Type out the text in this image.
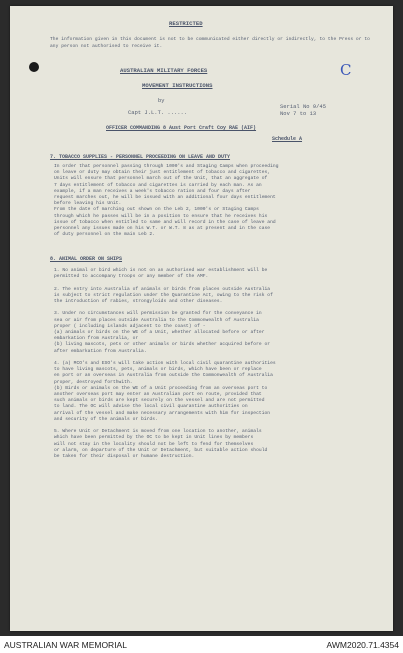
RESTRICTED
The information given in this document is not to be communicated either directly or indirectly, to the Press or to any person not authorised to receive it.
AUSTRALIAN MILITARY FORCES	C
MOVEMENT INSTRUCTIONS
by
Capt J.L.T. ......
Serial No 9/45
Nov 7 to 13
OFFICER COMMANDING 8 Aust Port Craft Coy RAE (AIF)
Schedule A
7. TOBACCO SUPPLIES - PERSONNEL PROCEEDING ON LEAVE AND DUTY
In order that personnel passing through 1000's and Staging Camps when proceeding
on leave or duty may obtain their just entitlement of tobacco and cigarettes,
Units will ensure that personnel march out of the Unit, that an aggregate of
7 days entitlement of tobacco and cigarettes is carried by each man. As an
example, if a man receives a week's tobacco ration and four days after
request marches out, he will be issued with an additional four days entitlement
before leaving his Unit.
From the date of marching out shown on the Leb 2, 1000's or Staging Camps
through which he passes will be in a position to ensure that he receives his
issue of tobacco when entitled to same and will record in the case of leave and
personnel any issues made on his W.T. or W.T. 8 as at present and in the case
of duty personnel on the main Leb 2.
8. ANIMAL ORDER ON SHIPS
1. No animal or bird which is not on an authorised war establishment will be
permitted to accompany troops or any member of the AMF.

2. The entry into Australia of animals or birds from places outside Australia
is subject to strict regulation under the Quarantine Act, owing to the risk of
the introduction of rabies, strongyloids and other diseases.

3. Under no circumstances will permission be granted for the conveyance in
sea or air from places outside Australia to the Commonwealth of Australia
proper ( including islands adjacent to the coast) of -
(a) animals or birds on the WE of a Unit, whether allocated before or after
embarkation from Australia, or
(b) living mascots, pets or other animals or birds whether acquired before or
after embarkation from Australia.

4. (a) MCO's and ESO's will take action with local civil quarantine authorities
to have living mascots, pets, animals or birds, which have been or replace
en port or an overseas in Australia from outside the Commonwealth of Australia
proper, destroyed forthwith.
(b) Birds or animals on the WE of a Unit proceeding from an overseas port to
another overseas port may enter an Australian port en route, provided that
such animals or birds are kept securely on the vessel and are not permitted
to land. The OC will advise the local civil quarantine authorities on
arrival of the vessel and make necessary arrangements with him for inspection
and security of the animals or birds.

5. Where Unit or Detachment is moved from one location to another, animals
which have been permitted by the OC to be kept in Unit lines by members
will not stay in the locality should not be left to fend for themselves
or alarm, on departure of the Unit or Detachment, but suitable action should
be taken for their disposal or humane destruction.
AUSTRALIAN WAR MEMORIAL	AWM2020.71.4354
